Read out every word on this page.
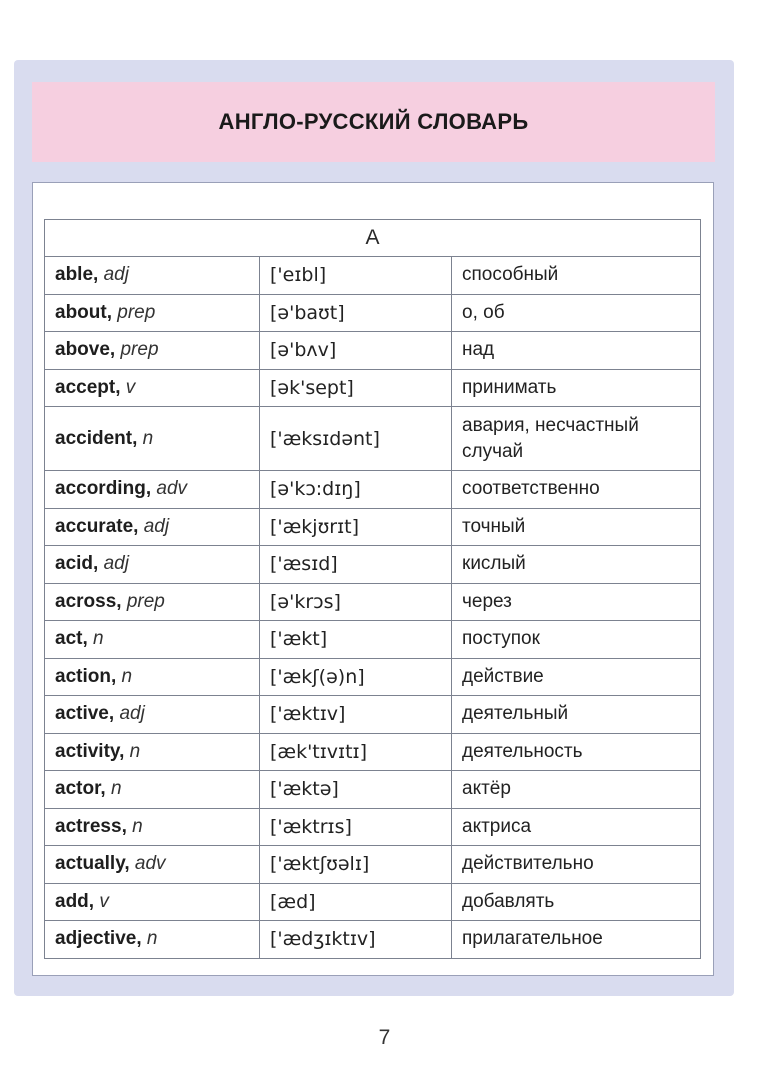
АНГЛО-РУССКИЙ СЛОВАРЬ
A		
able, adj	['eɪbl]	способный
about, prep	[ə'baʊt]	о, об
above, prep	[ə'bʌv]	над
accept, v	[ək'sept]	принимать
accident, n	['æksɪdənt]	авария, несчастный случай
according, adv	[ə'kɔ:dɪŋ]	соответственно
accurate, adj	['ækjʊrɪt]	точный
acid, adj	['æsɪd]	кислый
across, prep	[ə'krɔs]	через
act, n	['ækt]	поступок
action, n	['ækʃ(ə)n]	действие
active, adj	['æktɪv]	деятельный
activity, n	[æk'tɪvɪtɪ]	деятельность
actor, n	['æktə]	актёр
actress, n	['æktrɪs]	актриса
actually, adv	['æktʃʊəlɪ]	действительно
add, v	[æd]	добавлять
adjective, n	['ædʒɪktɪv]	прилагательное
7
